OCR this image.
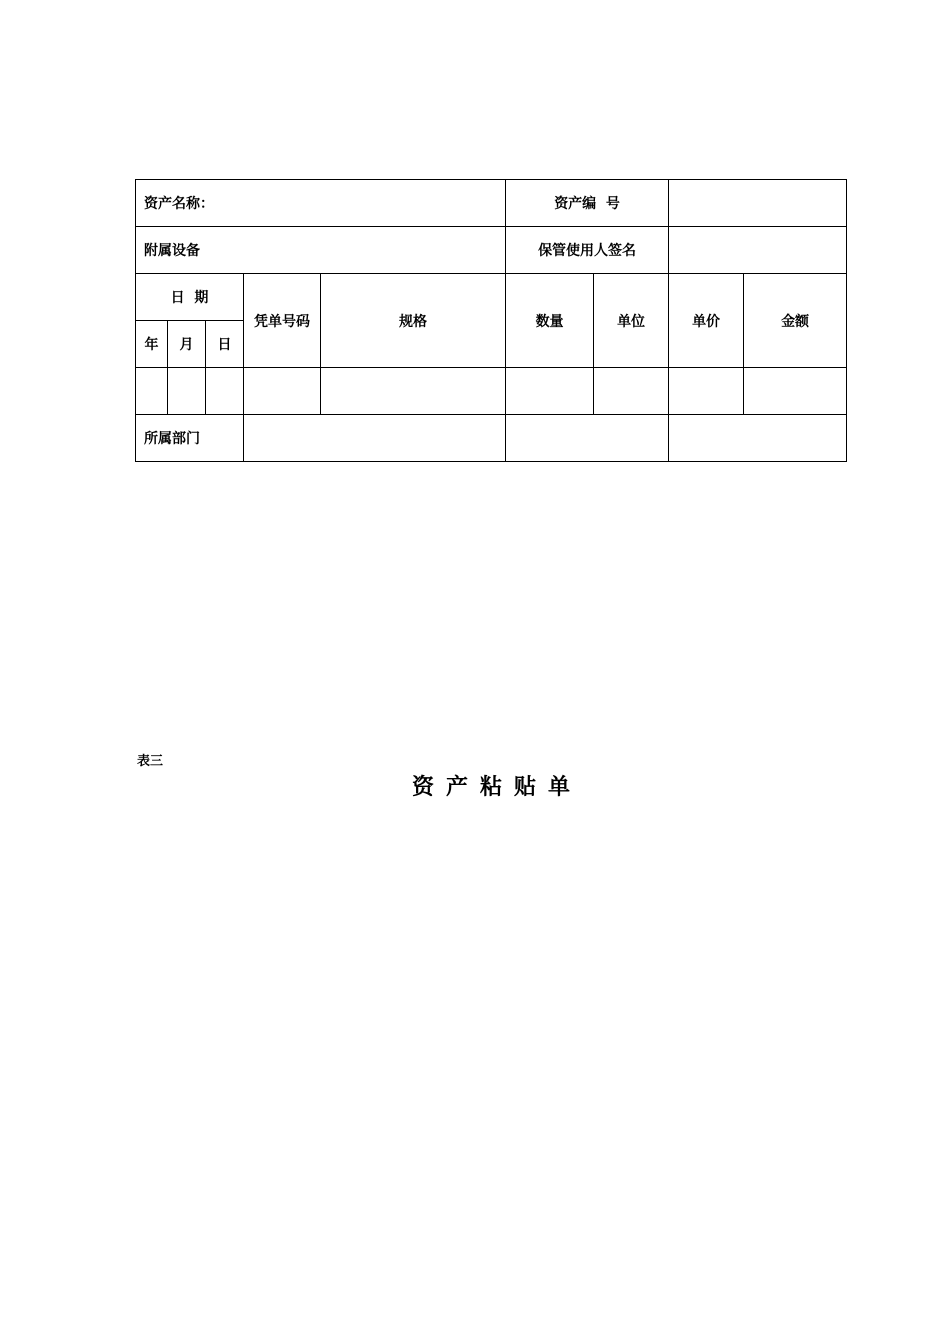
资产名称：					资产编  号			
附属设备					保管使用人签名			
日  期			凭单号码	规格	数量	单位	单价	金额
年	月	日						

所属部门								
表三
资产粘贴单
